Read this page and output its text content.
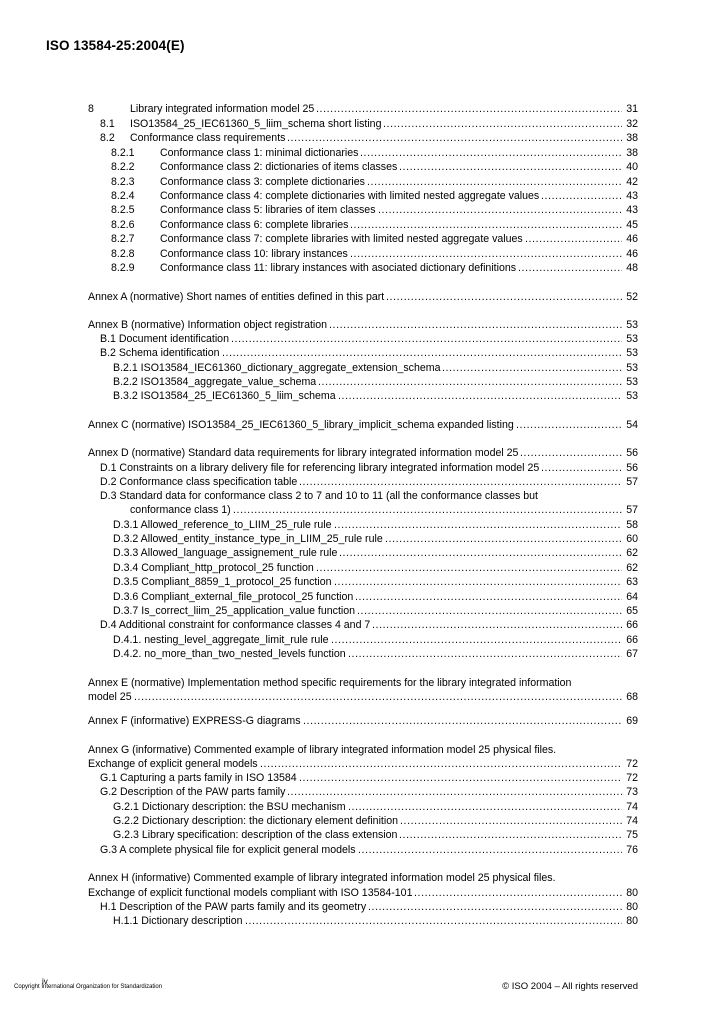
ISO 13584-25:2004(E)
8	Library integrated information model 25 .....	31
8.1 ISO13584_25_IEC61360_5_liim_schema short listing .....	32
8.2 Conformance class requirements .....	38
8.2.1 Conformance class 1: minimal dictionaries .....	38
8.2.2 Conformance class 2: dictionaries of items classes .....	40
8.2.3 Conformance class 3: complete dictionaries .....	42
8.2.4 Conformance class 4: complete dictionaries with limited nested aggregate values .....	43
8.2.5 Conformance class 5: libraries of item classes .....	43
8.2.6 Conformance class 6: complete libraries .....	45
8.2.7 Conformance class 7: complete libraries with limited nested aggregate values .....	46
8.2.8 Conformance class 10: library instances .....	46
8.2.9 Conformance class 11: library instances with asociated dictionary definitions .....	48
Annex A (normative) Short names of entities defined in this part .....	52
Annex B (normative) Information object registration .....	53
B.1 Document identification .....	53
B.2 Schema identification .....	53
B.2.1 ISO13584_IEC61360_dictionary_aggregate_extension_schema .....	53
B.2.2 ISO13584_aggregate_value_schema .....	53
B.3.2 ISO13584_25_IEC61360_5_liim_schema .....	53
Annex C (normative) ISO13584_25_IEC61360_5_library_implicit_schema expanded listing .....	54
Annex D (normative) Standard data requirements for library integrated information model 25 .....	56
D.1 Constraints on a library delivery file for referencing library integrated information model 25 .....	56
D.2 Conformance class specification table .....	57
D.3 Standard data for conformance class 2 to 7 and 10 to 11 (all the conformance classes but
conformance class 1) .....	57
D.3.1 Allowed_reference_to_LIIM_25_rule rule .....	58
D.3.2 Allowed_entity_instance_type_in_LIIM_25_rule rule .....	60
D.3.3 Allowed_language_assignement_rule rule .....	62
D.3.4 Compliant_http_protocol_25 function .....	62
D.3.5 Compliant_8859_1_protocol_25 function .....	63
D.3.6 Compliant_external_file_protocol_25 function .....	64
D.3.7 Is_correct_liim_25_application_value function .....	65
D.4 Additional constraint for conformance classes 4 and 7 .....	66
D.4.1. nesting_level_aggregate_limit_rule rule .....	66
D.4.2. no_more_than_two_nested_levels function .....	67
Annex E (normative) Implementation method specific requirements for the library integrated information
model 25 .....	68
Annex F (informative) EXPRESS-G diagrams .....	69
Annex G (informative) Commented example of library integrated information model 25 physical files.
Exchange of explicit general models .....	72
G.1 Capturing a parts family in ISO 13584 .....	72
G.2 Description of the PAW parts family .....	73
G.2.1 Dictionary description: the BSU mechanism .....	74
G.2.2 Dictionary description: the dictionary element definition .....	74
G.2.3 Library specification: description of the class extension .....	75
G.3 A complete physical file for explicit general models .....	76
Annex H (informative) Commented example of library integrated information model 25 physical files.
Exchange of explicit functional models compliant with ISO 13584-101 .....	80
H.1 Description of the PAW parts family and its geometry .....	80
H.1.1 Dictionary description .....	80
iv
Copyright International Organization for Standardization	© ISO 2004 – All rights reserved
